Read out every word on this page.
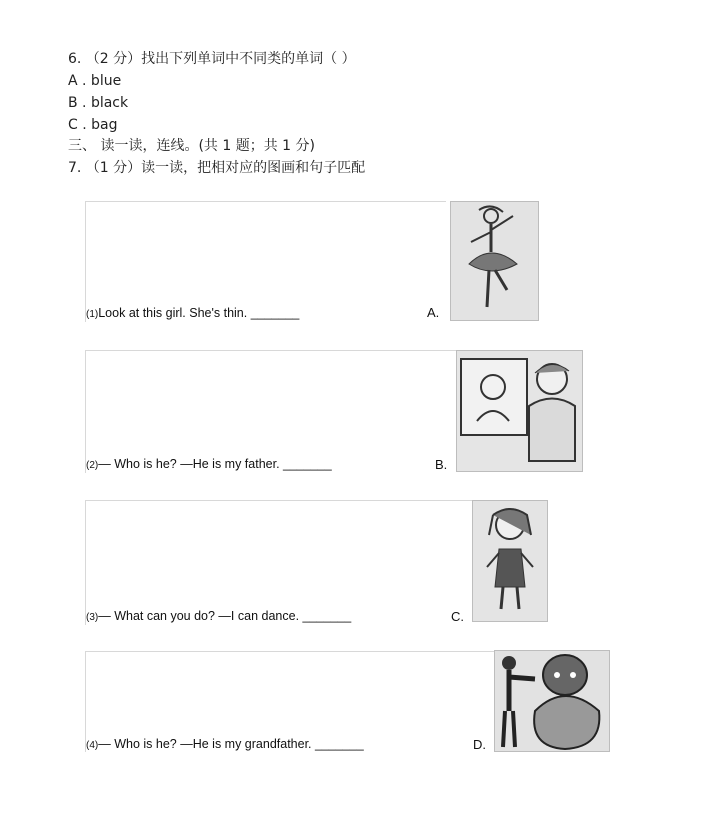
6. （2 分）找出下列单词中不同类的单词（ ）
A . blue
B . black
C . bag
三、 读一读，连线。(共 1 题；共 1 分)
7. （1 分）读一读，把相对应的图画和句子匹配
(1)Look at this girl. She's thin. _______	A.
(2)— Who is he? —He is my father. _______	B.
(3)— What can you do? —I can dance. _______	C.
(4)— Who is he? —He is my grandfather. _______	D.
